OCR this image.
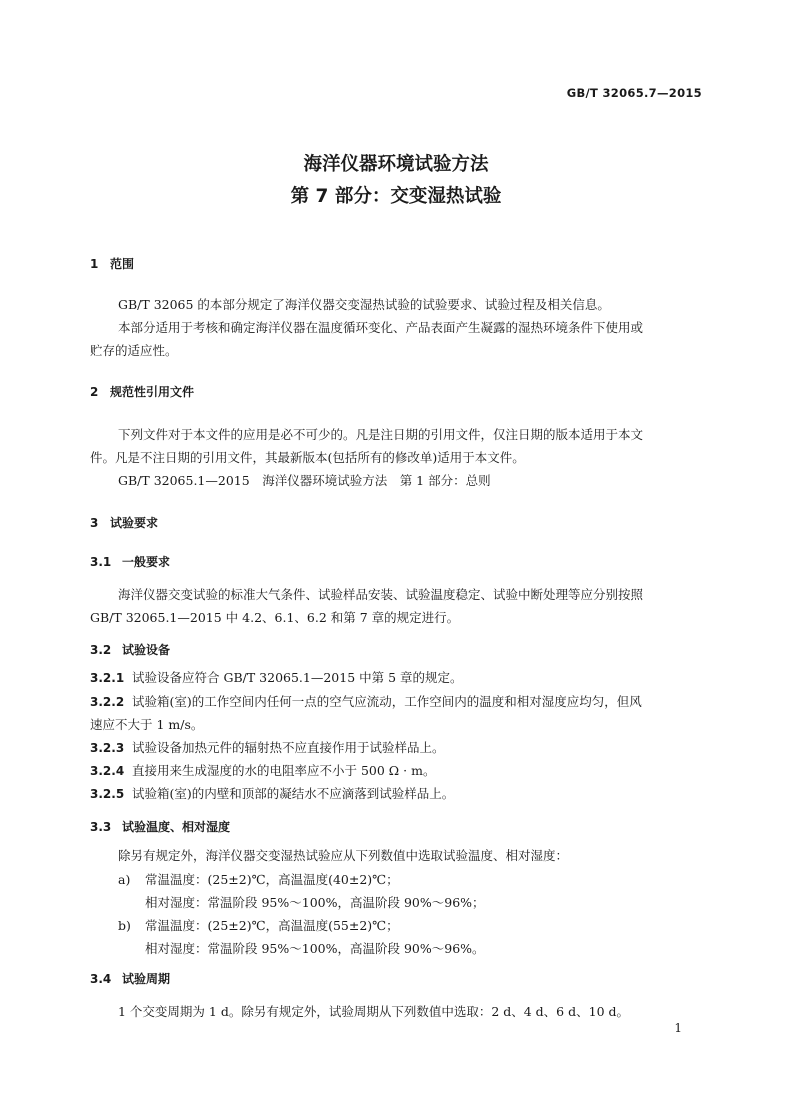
GB/T 32065.7—2015
海洋仪器环境试验方法
第 7 部分：交变湿热试验
1 范围
GB/T 32065 的本部分规定了海洋仪器交变湿热试验的试验要求、试验过程及相关信息。
本部分适用于考核和确定海洋仪器在温度循环变化、产品表面产生凝露的湿热环境条件下使用或
贮存的适应性。
2 规范性引用文件
下列文件对于本文件的应用是必不可少的。凡是注日期的引用文件，仅注日期的版本适用于本文
件。凡是不注日期的引用文件，其最新版本(包括所有的修改单)适用于本文件。
GB/T 32065.1—2015　海洋仪器环境试验方法　第 1 部分：总则
3 试验要求
3.1 一般要求
海洋仪器交变试验的标准大气条件、试验样品安装、试验温度稳定、试验中断处理等应分别按照
GB/T 32065.1—2015 中 4.2、6.1、6.2 和第 7 章的规定进行。
3.2 试验设备
3.2.1 试验设备应符合 GB/T 32065.1—2015 中第 5 章的规定。
3.2.2 试验箱(室)的工作空间内任何一点的空气应流动，工作空间内的温度和相对湿度应均匀，但风
速应不大于 1 m/s。
3.2.3 试验设备加热元件的辐射热不应直接作用于试验样品上。
3.2.4 直接用来生成湿度的水的电阻率应不小于 500 Ω · m。
3.2.5 试验箱(室)的内壁和顶部的凝结水不应滴落到试验样品上。
3.3 试验温度、相对湿度
除另有规定外，海洋仪器交变湿热试验应从下列数值中选取试验温度、相对湿度：
a) 常温温度：(25±2)℃，高温温度(40±2)℃；
相对湿度：常温阶段 95%～100%，高温阶段 90%～96%；
b) 常温温度：(25±2)℃，高温温度(55±2)℃；
相对湿度：常温阶段 95%～100%，高温阶段 90%～96%。
3.4 试验周期
1 个交变周期为 1 d。除另有规定外，试验周期从下列数值中选取：2 d、4 d、6 d、10 d。
1
